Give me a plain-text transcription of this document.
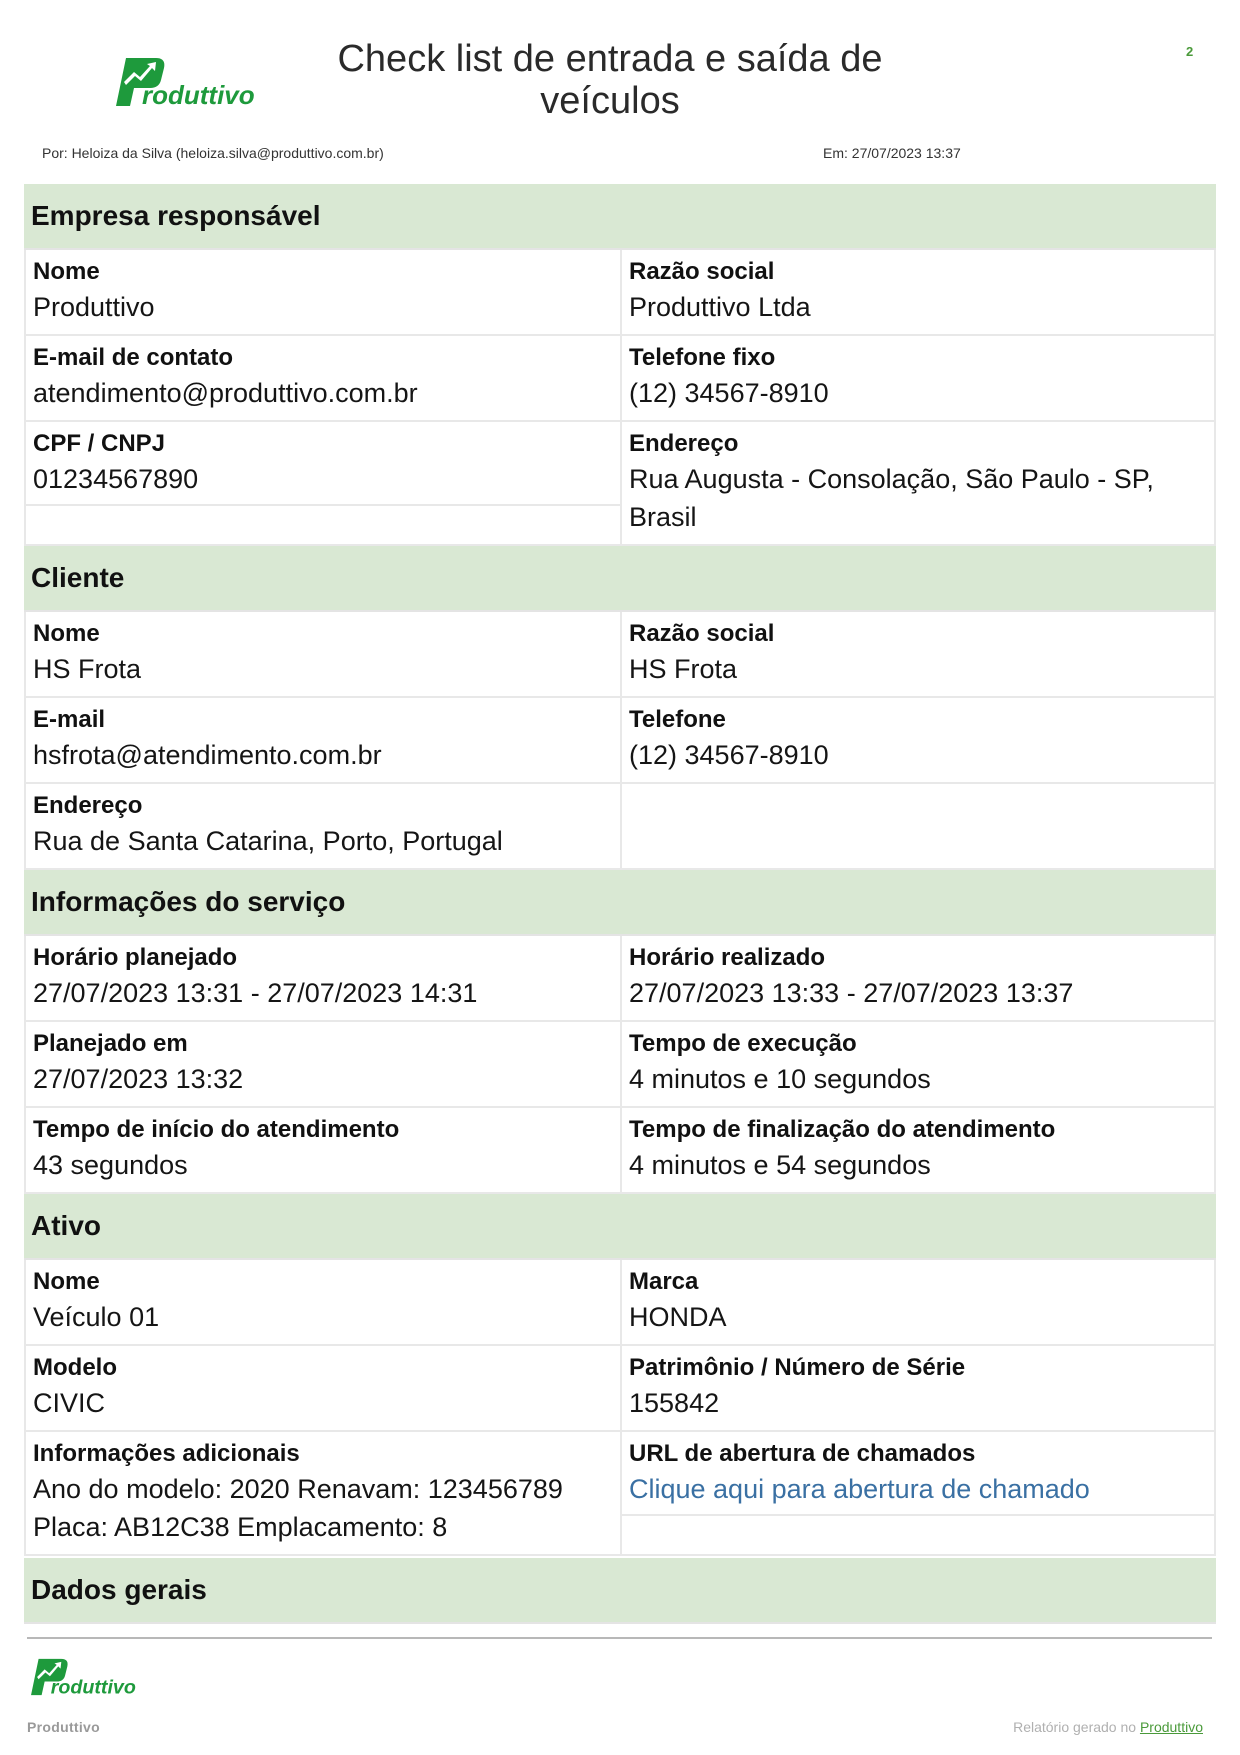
roduttivo
Check list de entrada e saída de veículos
2
Por: Heloiza da Silva (heloiza.silva@produttivo.com.br)	Em: 27/07/2023 13:37
Empresa responsável
Nome
Produttivo
Razão social
Produttivo Ltda
E-mail de contato
atendimento@produttivo.com.br
Telefone fixo
(12) 34567-8910
CPF / CNPJ
01234567890
Endereço
Rua Augusta - Consolação, São Paulo - SP, Brasil
Cliente
Nome
HS Frota
Razão social
HS Frota
E-mail
hsfrota@atendimento.com.br
Telefone
(12) 34567-8910
Endereço
Rua de Santa Catarina, Porto, Portugal
Informações do serviço
Horário planejado
27/07/2023 13:31 - 27/07/2023 14:31
Horário realizado
27/07/2023 13:33 - 27/07/2023 13:37
Planejado em
27/07/2023 13:32
Tempo de execução
4 minutos e 10 segundos
Tempo de início do atendimento
43 segundos
Tempo de finalização do atendimento
4 minutos e 54 segundos
Ativo
Nome
Veículo 01
Marca
HONDA
Modelo
CIVIC
Patrimônio / Número de Série
155842
Informações adicionais
Ano do modelo: 2020 Renavam: 123456789 Placa: AB12C38 Emplacamento: 8
URL de abertura de chamados
Clique aqui para abertura de chamado
Dados gerais
roduttivo
Produttivo	Relatório gerado no Produttivo
